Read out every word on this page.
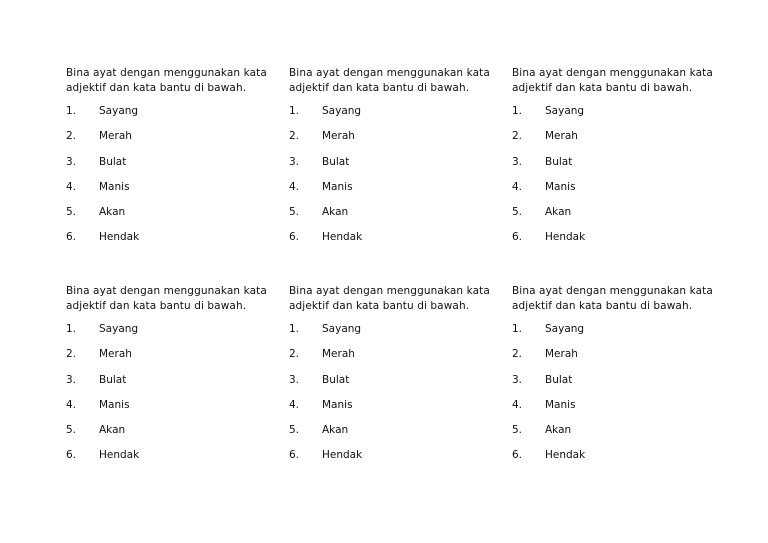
Bina ayat dengan menggunakan kata
adjektif dan kata bantu di bawah.

1. Sayang
2. Merah
3. Bulat
4. Manis
5. Akan
6. Hendak

Bina ayat dengan menggunakan kata
adjektif dan kata bantu di bawah.

1. Sayang
2. Merah
3. Bulat
4. Manis
5. Akan
6. Hendak

Bina ayat dengan menggunakan kata
adjektif dan kata bantu di bawah.

1. Sayang
2. Merah
3. Bulat
4. Manis
5. Akan
6. Hendak

Bina ayat dengan menggunakan kata
adjektif dan kata bantu di bawah.

1. Sayang
2. Merah
3. Bulat
4. Manis
5. Akan
6. Hendak

Bina ayat dengan menggunakan kata
adjektif dan kata bantu di bawah.

1. Sayang
2. Merah
3. Bulat
4. Manis
5. Akan
6. Hendak

Bina ayat dengan menggunakan kata
adjektif dan kata bantu di bawah.

1. Sayang
2. Merah
3. Bulat
4. Manis
5. Akan
6. Hendak
